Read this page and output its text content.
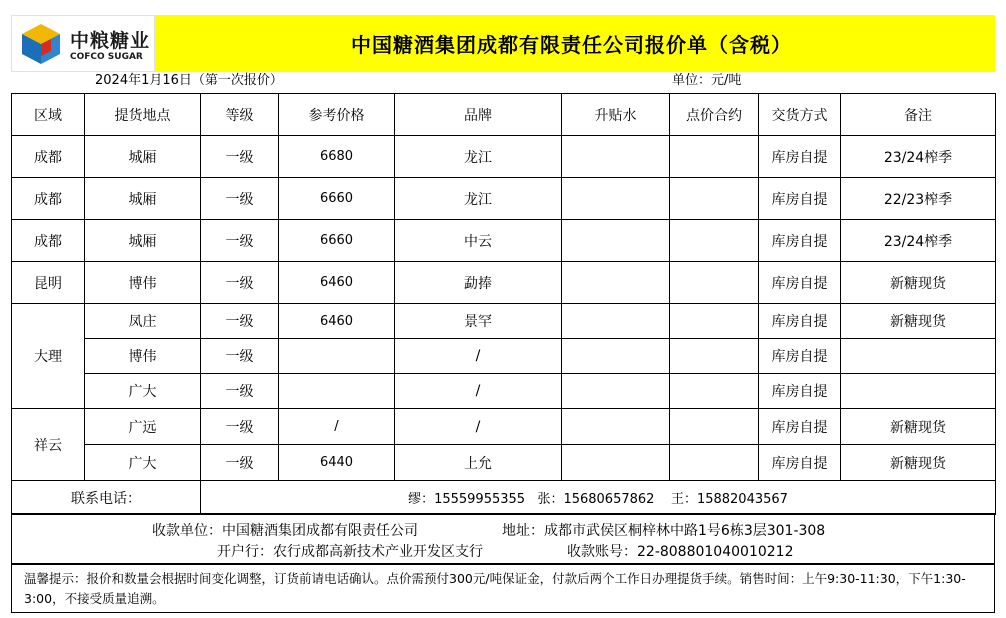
中粮糖业
COFCO SUGAR	中国糖酒集团成都有限责任公司报价单（含税）
2024年1月16日（第一次报价）	单位：元/吨
区域	提货地点	等级	参考价格	品牌	升贴水	点价合约	交货方式	备注
成都	城厢	一级	6680	龙江			库房自提	23/24榨季
成都	城厢	一级	6660	龙江			库房自提	22/23榨季
成都	城厢	一级	6660	中云			库房自提	23/24榨季
昆明	博伟	一级	6460	勐捧			库房自提	新糖现货
大理	凤庄	一级	6460	景罕			库房自提	新糖现货
	博伟	一级		/			库房自提	
	广大	一级		/			库房自提	
祥云	广远	一级	/	/			库房自提	新糖现货
	广大	一级	6440	上允			库房自提	新糖现货
联系电话：		缪：15559955355   张：15680657862    王：15882043567						
收款单位：中国糖酒集团成都有限责任公司	地址：成都市武侯区桐梓林中路1号6栋3层301-308
开户行：农行成都高新技术产业开发区支行	收款账号：22-808801040010212
温馨提示：报价和数量会根据时间变化调整，订货前请电话确认。点价需预付300元/吨保证金，付款后两个工作日办理提货手续。销售时间：上午9:30-11:30，下午1:30-3:00，不接受质量追溯。
